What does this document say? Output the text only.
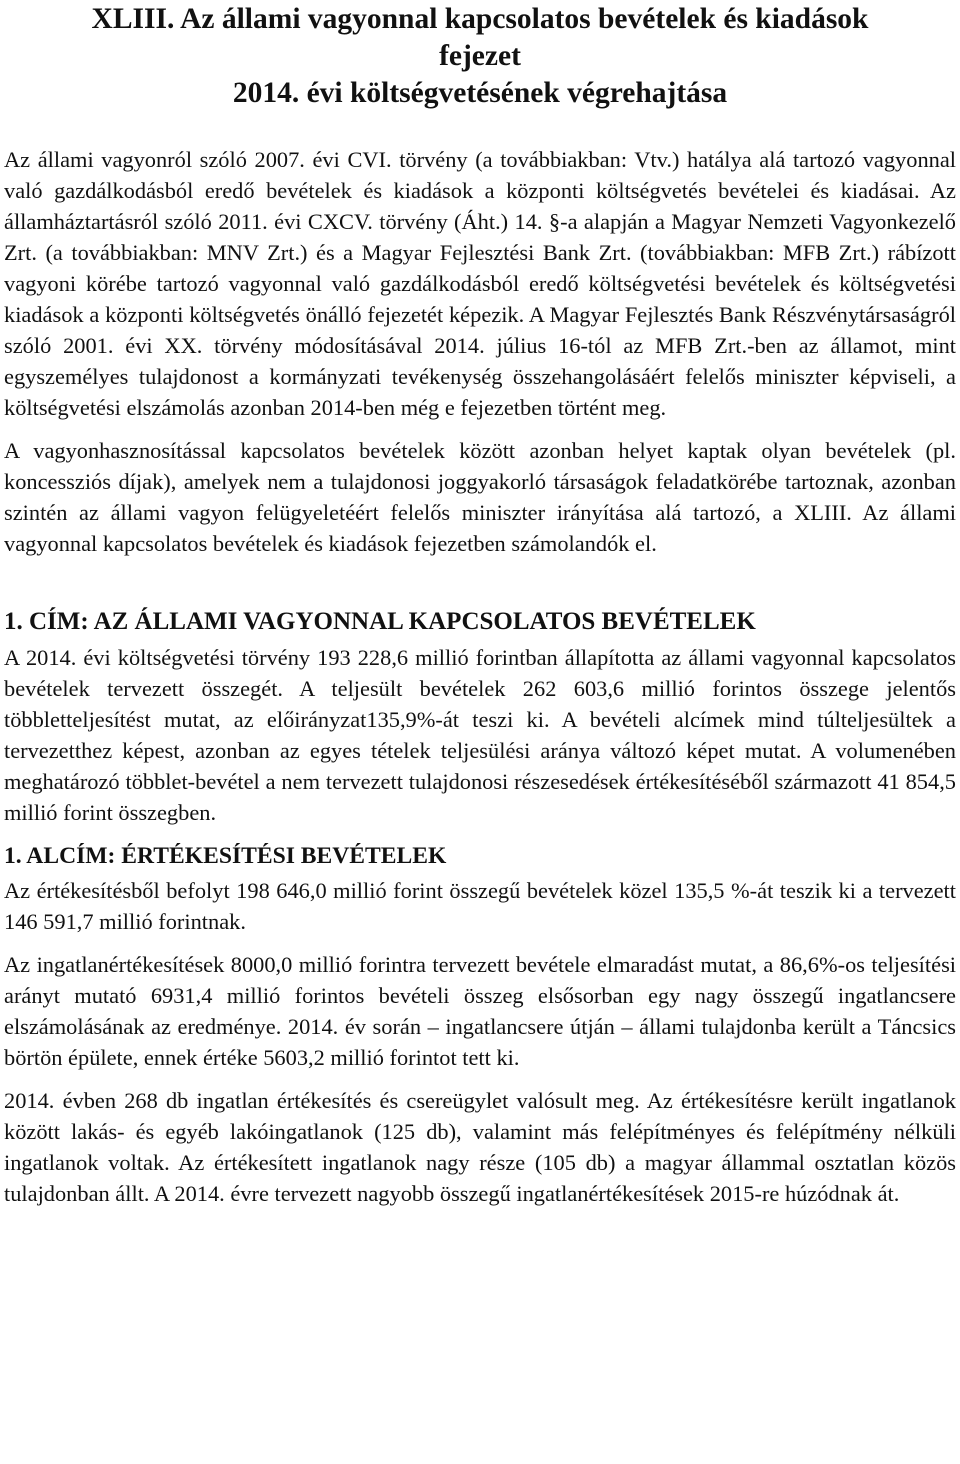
XLIII. Az állami vagyonnal kapcsolatos bevételek és kiadások
fejezet
2014. évi költségvetésének végrehajtása

Az állami vagyonról szóló 2007. évi CVI. törvény (a továbbiakban: Vtv.) hatálya alá tartozó vagyonnal való gazdálkodásból eredő bevételek és kiadások a központi költségvetés bevételei és kiadásai. Az államháztartásról szóló 2011. évi CXCV. törvény (Áht.) 14. §-a alapján a Magyar Nemzeti Vagyonkezelő Zrt. (a továbbiakban: MNV Zrt.) és a Magyar Fejlesztési Bank Zrt. (továbbiakban: MFB Zrt.) rábízott vagyoni körébe tartozó vagyonnal való gazdálkodásból eredő költségvetési bevételek és költségvetési kiadások a központi költségvetés önálló fejezetét képezik. A Magyar Fejlesztés Bank Részvénytársaságról szóló 2001. évi XX. törvény módosításával 2014. július 16-tól az MFB Zrt.-ben az államot, mint egyszemélyes tulajdonost a kormányzati tevékenység összehangolásáért felelős miniszter képviseli, a költségvetési elszámolás azonban 2014-ben még e fejezetben történt meg.

A vagyonhasznosítással kapcsolatos bevételek között azonban helyet kaptak olyan bevételek (pl. koncessziós díjak), amelyek nem a tulajdonosi joggyakorló társaságok feladatkörébe tartoznak, azonban szintén az állami vagyon felügyeletéért felelős miniszter irányítása alá tartozó, a XLIII. Az állami vagyonnal kapcsolatos bevételek és kiadások fejezetben számolandók el.

1. CÍM: AZ ÁLLAMI VAGYONNAL KAPCSOLATOS BEVÉTELEK

A 2014. évi költségvetési törvény 193 228,6 millió forintban állapította az állami vagyonnal kapcsolatos bevételek tervezett összegét. A teljesült bevételek 262 603,6 millió forintos összege jelentős többletteljesítést mutat, az előirányzat135,9%-át teszi ki. A bevételi alcímek mind túlteljesültek a tervezetthez képest, azonban az egyes tételek teljesülési aránya változó képet mutat. A volumenében meghatározó többlet-bevétel a nem tervezett tulajdonosi részesedések értékesítéséből származott 41 854,5 millió forint összegben.

1. ALCÍM: ÉRTÉKESÍTÉSI BEVÉTELEK

Az értékesítésből befolyt 198 646,0 millió forint összegű bevételek közel 135,5 %-át teszik ki a tervezett 146 591,7 millió forintnak.

Az ingatlanértékesítések 8000,0 millió forintra tervezett bevétele elmaradást mutat, a 86,6%-os teljesítési arányt mutató 6931,4 millió forintos bevételi összeg elsősorban egy nagy összegű ingatlancsere elszámolásának az eredménye. 2014. év során – ingatlancsere útján – állami tulajdonba került a Táncsics börtön épülete, ennek értéke 5603,2 millió forintot tett ki.

2014. évben 268 db ingatlan értékesítés és csereügylet valósult meg. Az értékesítésre került ingatlanok között lakás- és egyéb lakóingatlanok (125 db), valamint más felépítményes és felépítmény nélküli ingatlanok voltak. Az értékesített ingatlanok nagy része (105 db) a magyar állammal osztatlan közös tulajdonban állt. A 2014. évre tervezett nagyobb összegű ingatlanértékesítések 2015-re húzódnak át.
